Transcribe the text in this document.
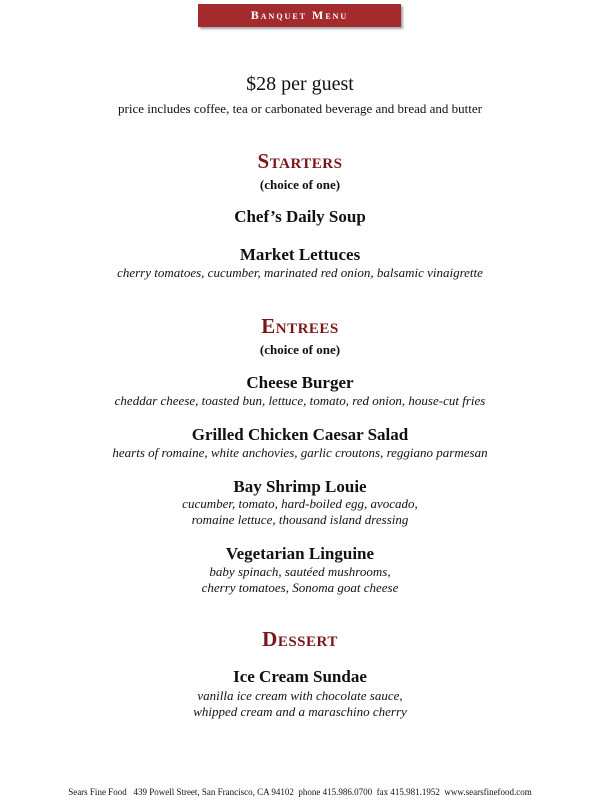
Banquet Menu
$28 per guest
price includes coffee, tea or carbonated beverage and bread and butter
Starters
(choice of one)
Chef’s Daily Soup
Market Lettuces
cherry tomatoes, cucumber, marinated red onion, balsamic vinaigrette
Entrees
(choice of one)
Cheese Burger
cheddar cheese, toasted bun, lettuce, tomato, red onion, house-cut fries
Grilled Chicken Caesar Salad
hearts of romaine, white anchovies, garlic croutons, reggiano parmesan
Bay Shrimp Louie
cucumber, tomato, hard-boiled egg, avocado,
romaine lettuce, thousand island dressing
Vegetarian Linguine
baby spinach, sautéed mushrooms,
cherry tomatoes, Sonoma goat cheese
Dessert
Ice Cream Sundae
vanilla ice cream with chocolate sauce,
whipped cream and a maraschino cherry
Sears Fine Food   439 Powell Street, San Francisco, CA 94102  phone 415.986.0700  fax 415.981.1952  www.searsfinefood.com
